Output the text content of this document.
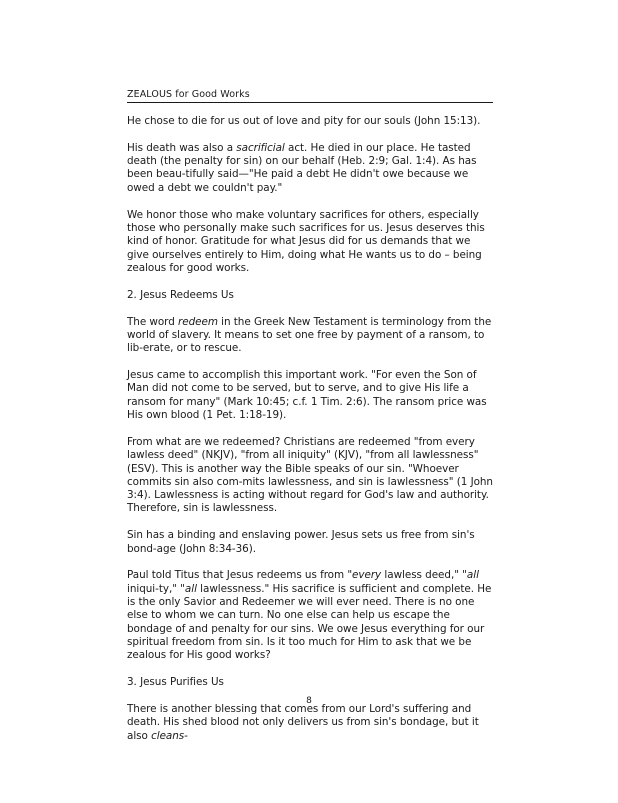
ZEALOUS for Good Works

He chose to die for us out of love and pity for our souls (John 15:13).

His death was also a sacrificial act. He died in our place. He tasted death (the penalty for sin) on our behalf (Heb. 2:9; Gal. 1:4). As has been beau-tifully said—"He paid a debt He didn't owe because we owed a debt we couldn't pay."

We honor those who make voluntary sacrifices for others, especially those who personally make such sacrifices for us. Jesus deserves this kind of honor. Gratitude for what Jesus did for us demands that we give ourselves entirely to Him, doing what He wants us to do – being zealous for good works.

2. Jesus Redeems Us

The word redeem in the Greek New Testament is terminology from the world of slavery. It means to set one free by payment of a ransom, to lib-erate, or to rescue.

Jesus came to accomplish this important work. "For even the Son of Man did not come to be served, but to serve, and to give His life a ransom for many" (Mark 10:45; c.f. 1 Tim. 2:6). The ransom price was His own blood (1 Pet. 1:18-19).

From what are we redeemed? Christians are redeemed "from every lawless deed" (NKJV), "from all iniquity" (KJV), "from all lawlessness" (ESV). This is another way the Bible speaks of our sin. "Whoever commits sin also com-mits lawlessness, and sin is lawlessness" (1 John 3:4). Lawlessness is acting without regard for God's law and authority. Therefore, sin is lawlessness.

Sin has a binding and enslaving power. Jesus sets us free from sin's bond-age (John 8:34-36).

Paul told Titus that Jesus redeems us from "every lawless deed," "all iniqui-ty," "all lawlessness." His sacrifice is sufficient and complete. He is the only Savior and Redeemer we will ever need. There is no one else to whom we can turn. No one else can help us escape the bondage of and penalty for our sins. We owe Jesus everything for our spiritual freedom from sin. Is it too much for Him to ask that we be zealous for His good works?

3. Jesus Purifies Us

There is another blessing that comes from our Lord's suffering and death. His shed blood not only delivers us from sin's bondage, but it also cleans-

8
